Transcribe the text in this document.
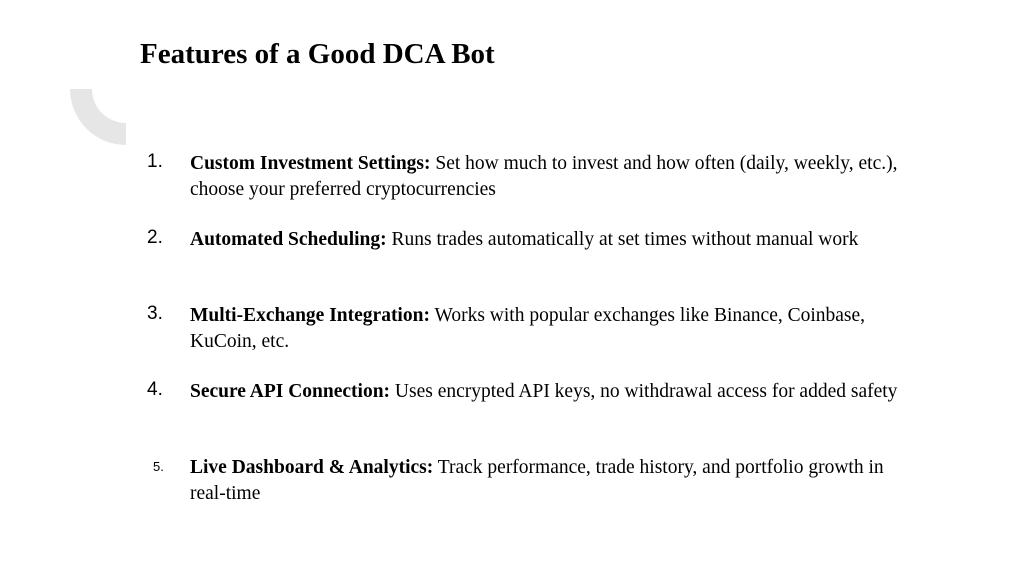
Features of a Good DCA Bot
1. Custom Investment Settings: Set how much to invest and how often (daily, weekly, etc.), choose your preferred cryptocurrencies
2. Automated Scheduling: Runs trades automatically at set times without manual work
3. Multi-Exchange Integration: Works with popular exchanges like Binance, Coinbase, KuCoin, etc.
4. Secure API Connection: Uses encrypted API keys, no withdrawal access for added safety
5. Live Dashboard & Analytics: Track performance, trade history, and portfolio growth in real-time
